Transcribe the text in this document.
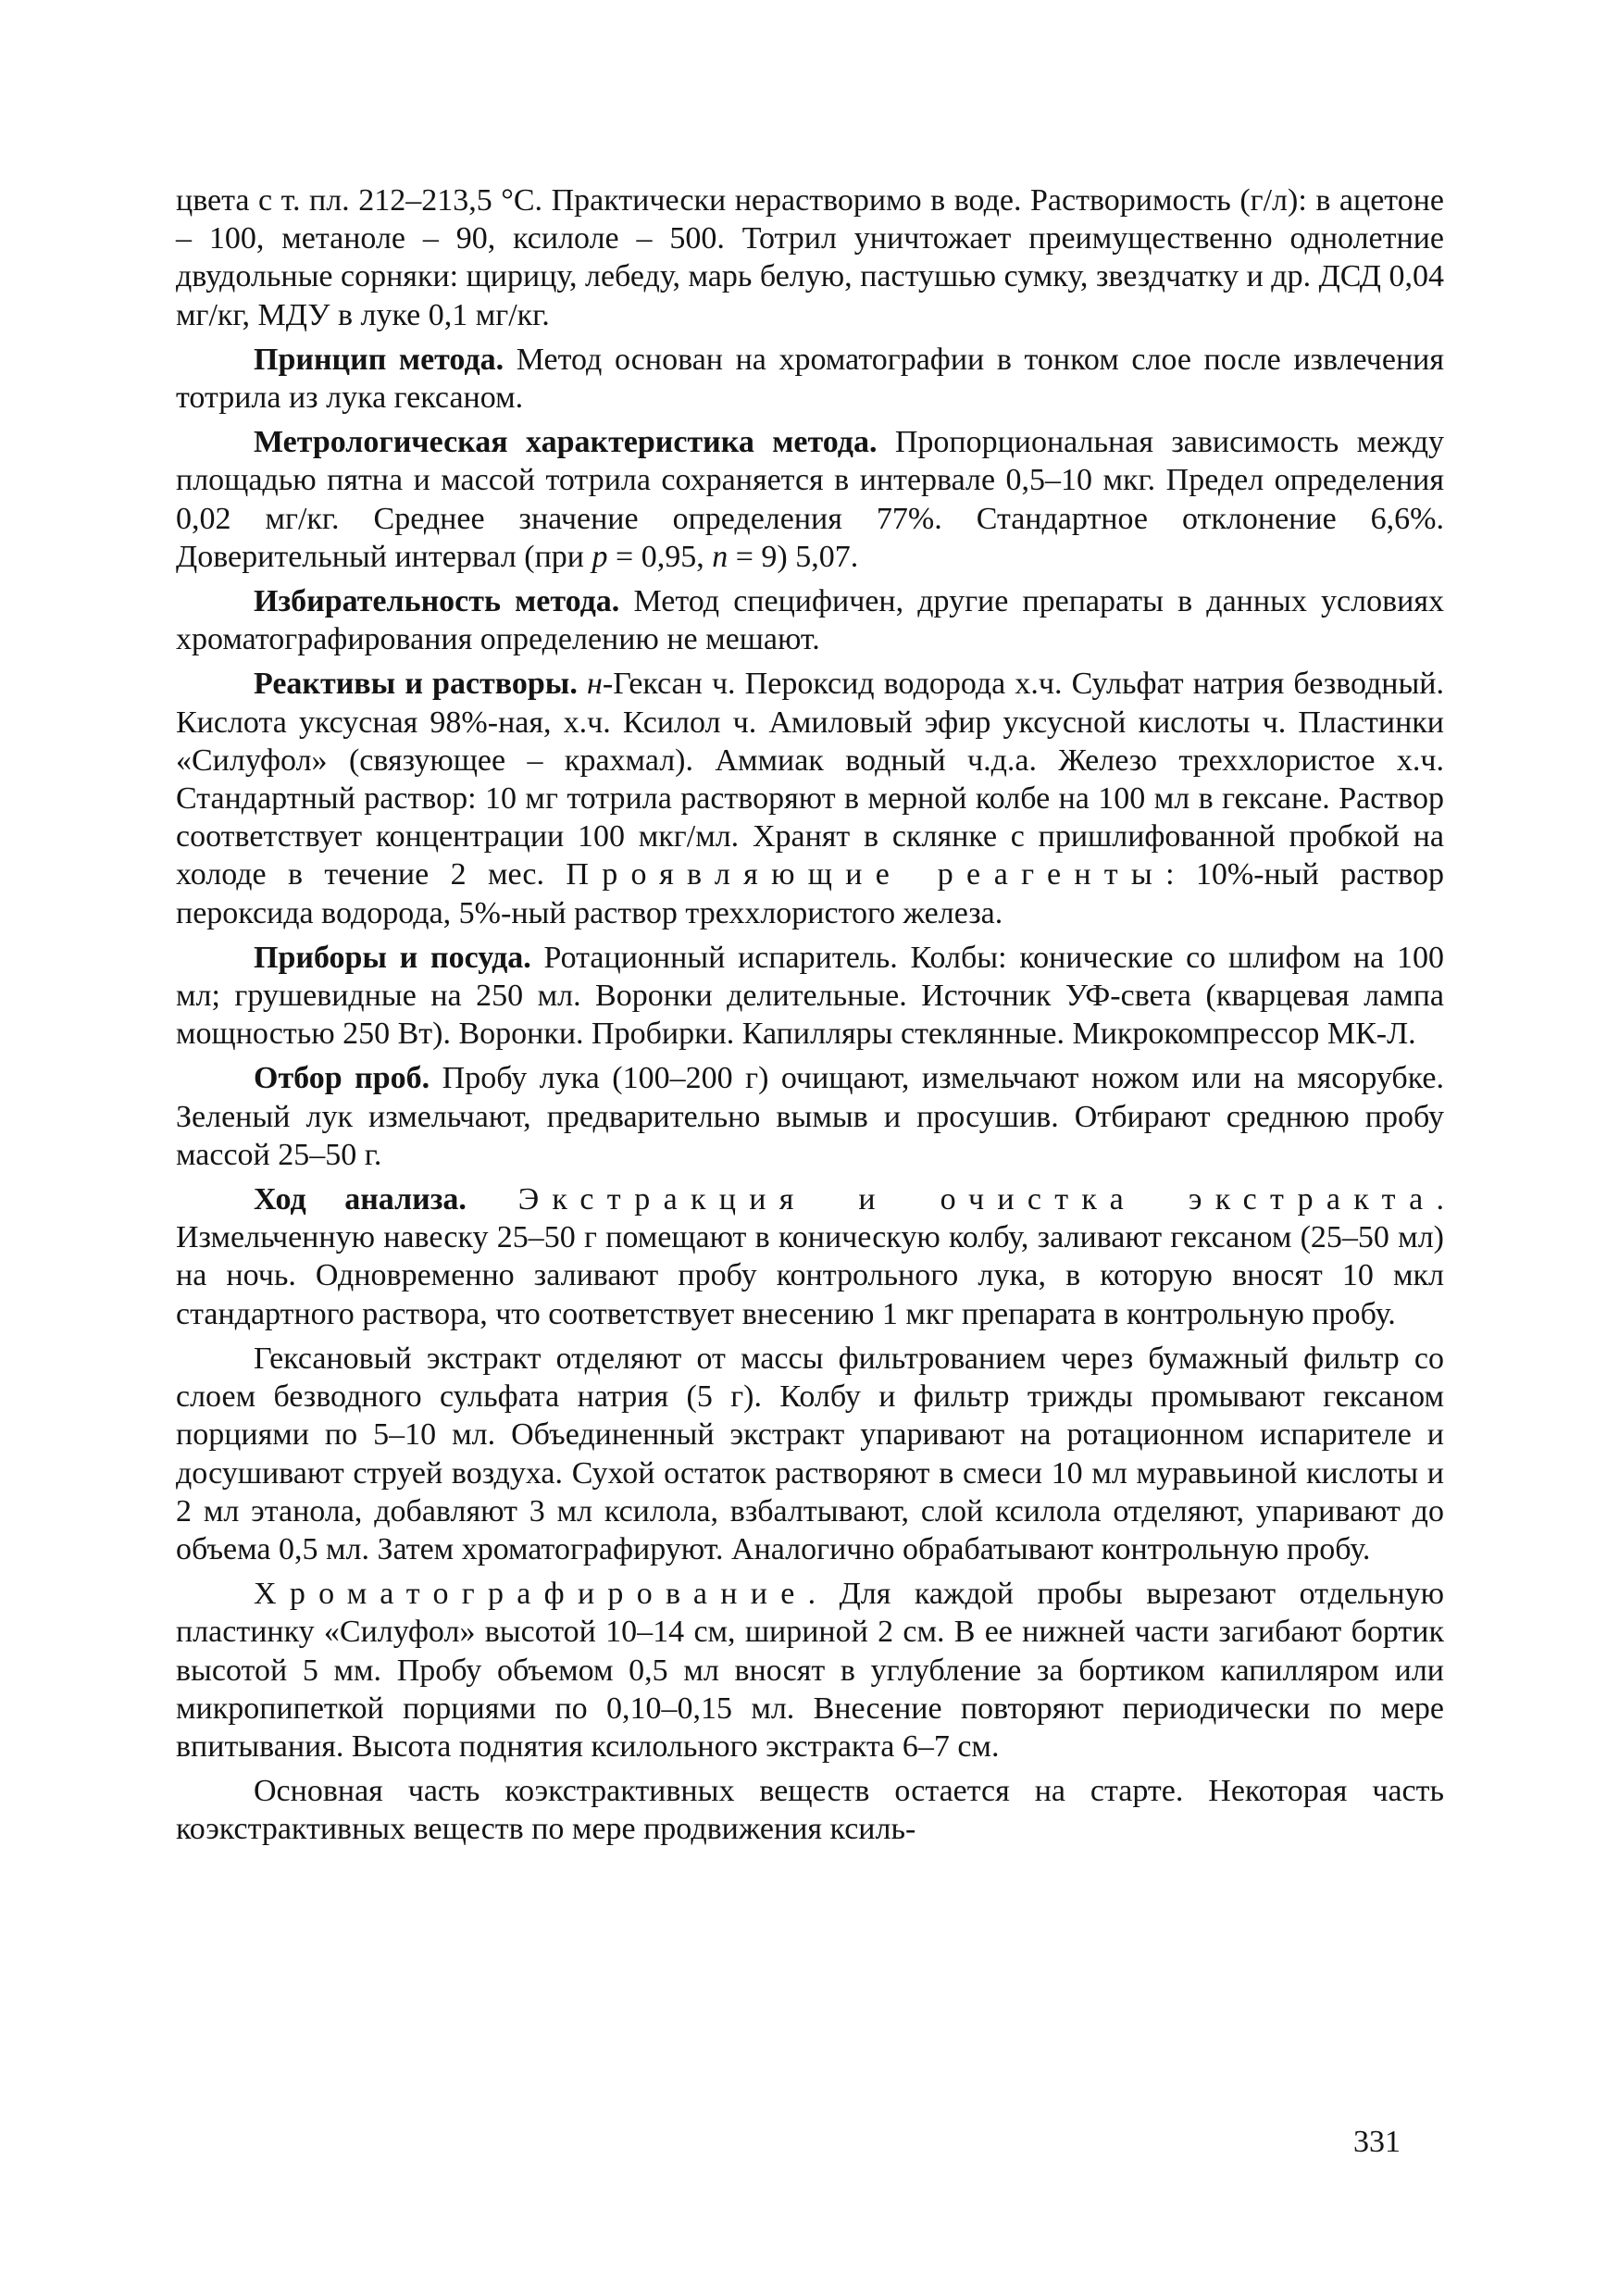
цвета с т. пл. 212–213,5 °С. Практически нерастворимо в воде. Растворимость (г/л): в ацетоне – 100, метаноле – 90, ксилоле – 500. Тотрил уничтожает преимущественно однолетние двудольные сорняки: щирицу, лебеду, марь белую, пастушью сумку, звездчатку и др. ДСД 0,04 мг/кг, МДУ в луке 0,1 мг/кг.

Принцип метода. Метод основан на хроматографии в тонком слое после извлечения тотрила из лука гексаном.

Метрологическая характеристика метода. Пропорциональная зависимость между площадью пятна и массой тотрила сохраняется в интервале 0,5–10 мкг. Предел определения 0,02 мг/кг. Среднее значение определения 77%. Стандартное отклонение 6,6%. Доверительный интервал (при p = 0,95, n = 9) 5,07.

Избирательность метода. Метод специфичен, другие препараты в данных условиях хроматографирования определению не мешают.

Реактивы и растворы. н-Гексан ч. Пероксид водорода х.ч. Сульфат натрия безводный. Кислота уксусная 98%-ная, х.ч. Ксилол ч. Амиловый эфир уксусной кислоты ч. Пластинки «Силуфол» (связующее – крахмал). Аммиак водный ч.д.а. Железо треххлористое х.ч. Стандартный раствор: 10 мг тотрила растворяют в мерной колбе на 100 мл в гексане. Раствор соответствует концентрации 100 мкг/мл. Хранят в склянке с пришлифованной пробкой на холоде в течение 2 мес. Проявляющие реагенты: 10%-ный раствор пероксида водорода, 5%-ный раствор треххлористого железа.

Приборы и посуда. Ротационный испаритель. Колбы: конические со шлифом на 100 мл; грушевидные на 250 мл. Воронки делительные. Источник УФ-света (кварцевая лампа мощностью 250 Вт). Воронки. Пробирки. Капилляры стеклянные. Микрокомпрессор МК-Л.

Отбор проб. Пробу лука (100–200 г) очищают, измельчают ножом или на мясорубке. Зеленый лук измельчают, предварительно вымыв и просушив. Отбирают среднюю пробу массой 25–50 г.

Ход анализа. Экстракция и очистка экстракта. Измельченную навеску 25–50 г помещают в коническую колбу, заливают гексаном (25–50 мл) на ночь. Одновременно заливают пробу контрольного лука, в которую вносят 10 мкл стандартного раствора, что соответствует внесению 1 мкг препарата в контрольную пробу.

Гексановый экстракт отделяют от массы фильтрованием через бумажный фильтр со слоем безводного сульфата натрия (5 г). Колбу и фильтр трижды промывают гексаном порциями по 5–10 мл. Объединенный экстракт упаривают на ротационном испарителе и досушивают струей воздуха. Сухой остаток растворяют в смеси 10 мл муравьиной кислоты и 2 мл этанола, добавляют 3 мл ксилола, взбалтывают, слой ксилола отделяют, упаривают до объема 0,5 мл. Затем хроматографируют. Аналогично обрабатывают контрольную пробу.

Хроматографирование. Для каждой пробы вырезают отдельную пластинку «Силуфол» высотой 10–14 см, шириной 2 см. В ее нижней части загибают бортик высотой 5 мм. Пробу объемом 0,5 мл вносят в углубление за бортиком капилляром или микропипеткой порциями по 0,10–0,15 мл. Внесение повторяют периодически по мере впитывания. Высота поднятия ксилольного экстракта 6–7 см.

Основная часть коэкстрактивных веществ остается на старте. Некоторая часть коэкстрактивных веществ по мере продвижения ксиль-

331
